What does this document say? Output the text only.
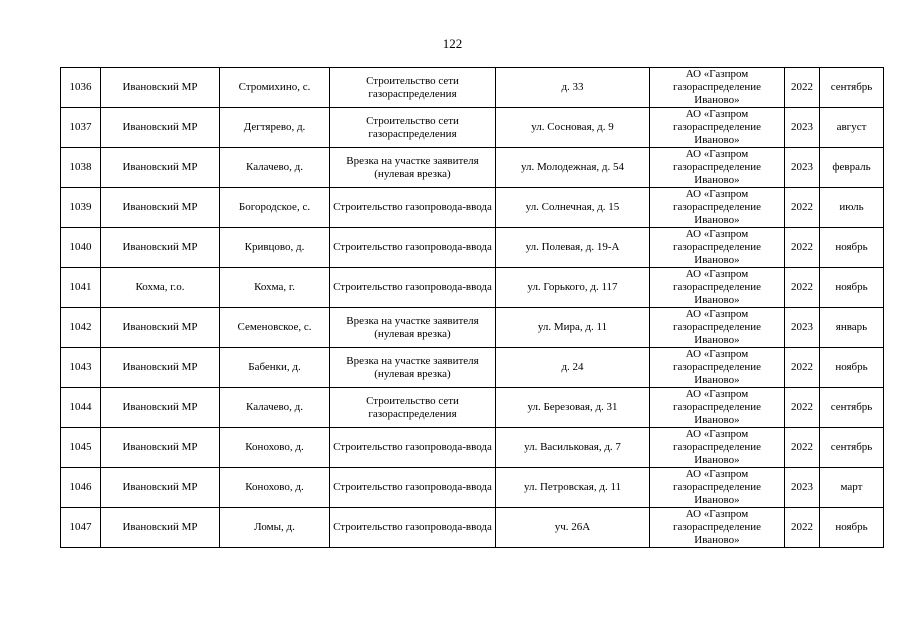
122
1036	Ивановский МР	Стромихино, с.	Строительство сети газораспределения	д. 33	АО «Газпром газораспределение Иваново»	2022	сентябрь
1037	Ивановский МР	Дегтярево, д.	Строительство сети газораспределения	ул. Сосновая, д. 9	АО «Газпром газораспределение Иваново»	2023	август
1038	Ивановский МР	Калачево, д.	Врезка на участке заявителя (нулевая врезка)	ул. Молодежная, д. 54	АО «Газпром газораспределение Иваново»	2023	февраль
1039	Ивановский МР	Богородское, с.	Строительство газопровода-ввода	ул. Солнечная, д. 15	АО «Газпром газораспределение Иваново»	2022	июль
1040	Ивановский МР	Кривцово, д.	Строительство газопровода-ввода	ул. Полевая, д. 19-А	АО «Газпром газораспределение Иваново»	2022	ноябрь
1041	Кохма, г.о.	Кохма, г.	Строительство газопровода-ввода	ул. Горького, д. 117	АО «Газпром газораспределение Иваново»	2022	ноябрь
1042	Ивановский МР	Семеновское, с.	Врезка на участке заявителя (нулевая врезка)	ул. Мира, д. 11	АО «Газпром газораспределение Иваново»	2023	январь
1043	Ивановский МР	Бабенки, д.	Врезка на участке заявителя (нулевая врезка)	д. 24	АО «Газпром газораспределение Иваново»	2022	ноябрь
1044	Ивановский МР	Калачево, д.	Строительство сети газораспределения	ул. Березовая, д. 31	АО «Газпром газораспределение Иваново»	2022	сентябрь
1045	Ивановский МР	Конохово, д.	Строительство газопровода-ввода	ул. Васильковая, д. 7	АО «Газпром газораспределение Иваново»	2022	сентябрь
1046	Ивановский МР	Конохово, д.	Строительство газопровода-ввода	ул. Петровская, д. 11	АО «Газпром газораспределение Иваново»	2023	март
1047	Ивановский МР	Ломы, д.	Строительство газопровода-ввода	уч. 26А	АО «Газпром газораспределение Иваново»	2022	ноябрь
